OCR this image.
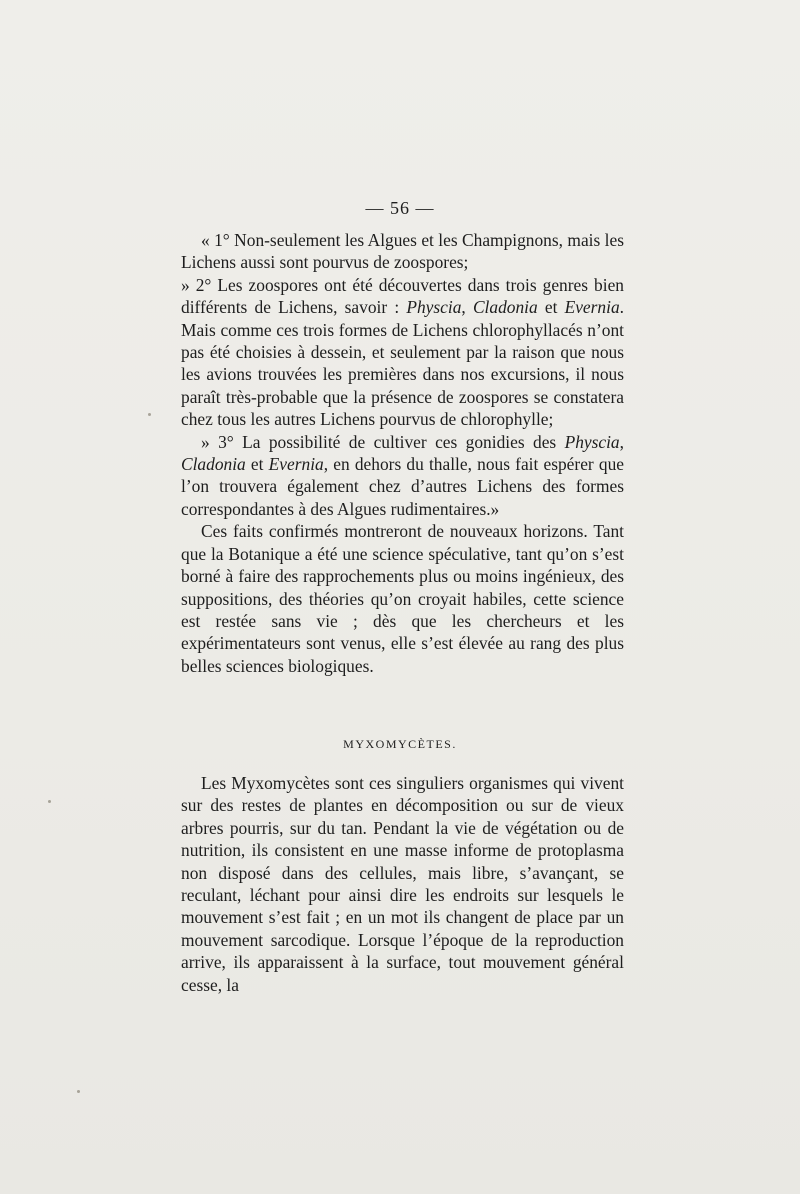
— 56 —

« 1° Non-seulement les Algues et les Champignons, mais les Lichens aussi sont pourvus de zoospores;

» 2° Les zoospores ont été découvertes dans trois genres bien différents de Lichens, savoir : Physcia, Cladonia et Evernia. Mais comme ces trois formes de Lichens chlorophyllacés n’ont pas été choisies à dessein, et seulement par la raison que nous les avions trouvées les premières dans nos excursions, il nous paraît très-probable que la présence de zoospores se constatera chez tous les autres Lichens pourvus de chlorophylle;

» 3° La possibilité de cultiver ces gonidies des Physcia, Cladonia et Evernia, en dehors du thalle, nous fait espérer que l’on trouvera également chez d’autres Lichens des formes correspondantes à des Algues rudimentaires.»

Ces faits confirmés montreront de nouveaux horizons. Tant que la Botanique a été une science spéculative, tant qu’on s’est borné à faire des rapprochements plus ou moins ingénieux, des suppositions, des théories qu’on croyait habiles, cette science est restée sans vie ; dès que les chercheurs et les expérimentateurs sont venus, elle s’est élevée au rang des plus belles sciences biologiques.

MYXOMYCÈTES.

Les Myxomycètes sont ces singuliers organismes qui vivent sur des restes de plantes en décomposition ou sur de vieux arbres pourris, sur du tan. Pendant la vie de végétation ou de nutrition, ils consistent en une masse informe de protoplasma non disposé dans des cellules, mais libre, s’avançant, se reculant, léchant pour ainsi dire les endroits sur lesquels le mouvement s’est fait ; en un mot ils changent de place par un mouvement sarcodique. Lorsque l’époque de la reproduction arrive, ils apparaissent à la surface, tout mouvement général cesse, la
